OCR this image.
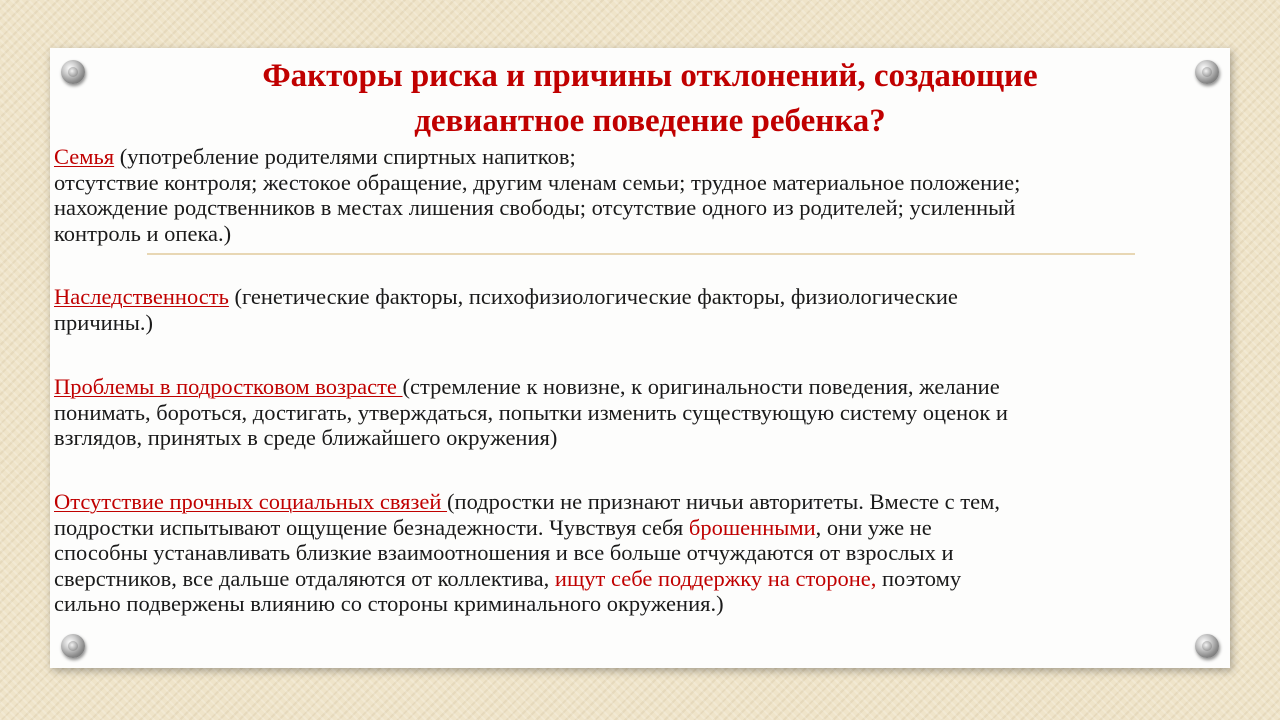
Факторы риска и причины отклонений, создающие
девиантное поведение ребенка?

Семья (употребление родителями спиртных напитков;
отсутствие контроля; жестокое обращение, другим членам семьи; трудное материальное положение;
нахождение родственников в местах лишения свободы; отсутствие одного из родителей; усиленный
контроль и опека.)

Наследственность (генетические факторы, психофизиологические факторы, физиологические
причины.)

Проблемы в подростковом возрасте (стремление к новизне, к оригинальности поведения, желание
понимать, бороться, достигать, утверждаться, попытки изменить существующую систему оценок и
взглядов, принятых в среде ближайшего окружения)

Отсутствие прочных социальных связей (подростки не признают ничьи авторитеты. Вместе с тем,
подростки испытывают ощущение безнадежности. Чувствуя себя брошенными, они уже не
способны устанавливать близкие взаимоотношения и все больше отчуждаются от взрослых и
сверстников, все дальше отдаляются от коллектива, ищут себе поддержку на стороне, поэтому
сильно подвержены влиянию со стороны криминального окружения.)
